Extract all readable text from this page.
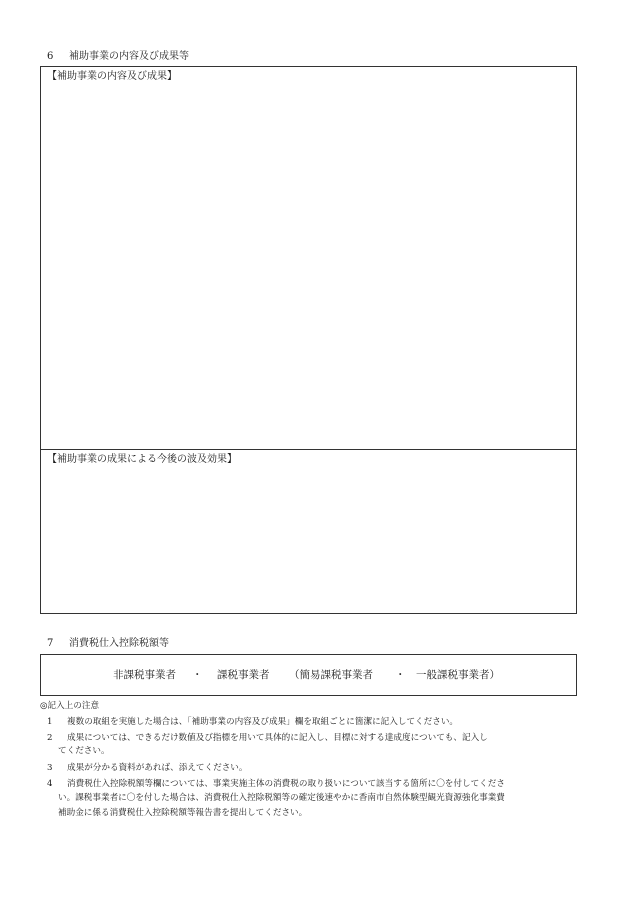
6 補助事業の内容及び成果等
【補助事業の内容及び成果】
【補助事業の成果による今後の波及効果】
7 消費税仕入控除税額等
非課税事業者 ・ 課税事業者 （簡易課税事業者 ・ 一般課税事業者）
◎記入上の注意
1 複数の取組を実施した場合は、「補助事業の内容及び成果」欄を取組ごとに箇潔に記入してください。
2 成果については、できるだけ数値及び指標を用いて具体的に記入し、目標に対する達成度についても、記入し
てください。
3 成果が分かる資料があれば、添えてください。
4 消費税仕入控除税額等欄については、事業実施主体の消費税の取り扱いについて該当する箇所に〇を付してくださ
い。課税事業者に〇を付した場合は、消費税仕入控除税額等の確定後速やかに香南市自然体験型観光資源強化事業費
補助金に係る消費税仕入控除税額等報告書を提出してください。
